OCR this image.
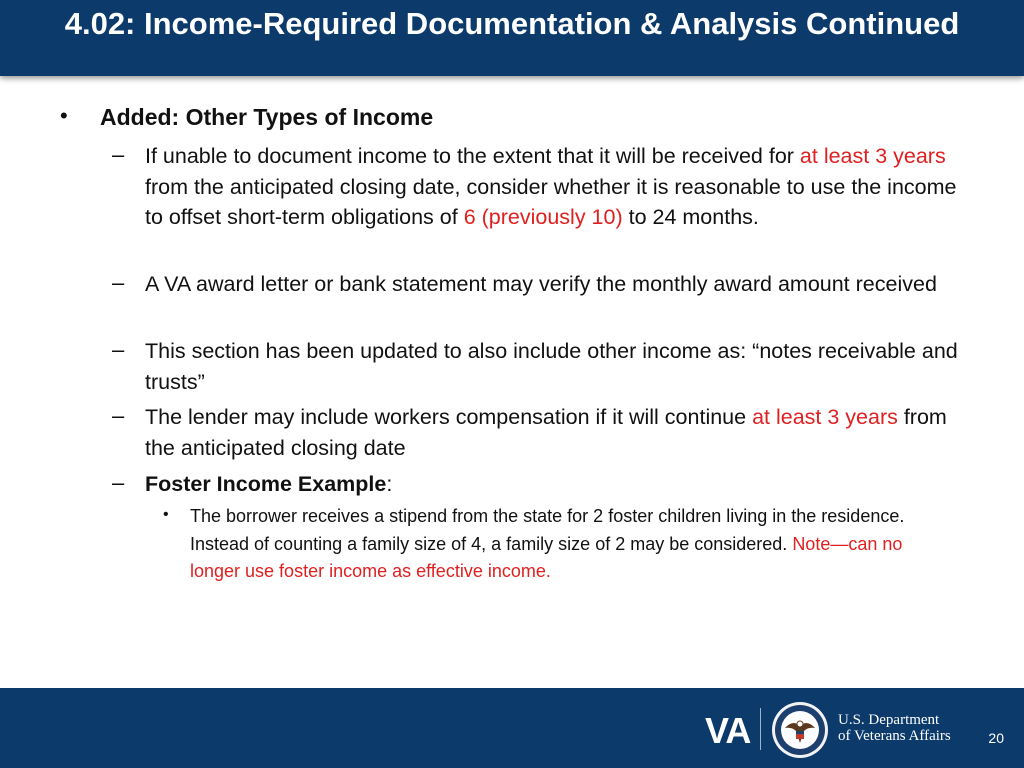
4.02: Income-Required Documentation & Analysis Continued
• Added: Other Types of Income
– If unable to document income to the extent that it will be received for at least 3 years from the anticipated closing date, consider whether it is reasonable to use the income to offset short-term obligations of 6 (previously 10) to 24 months.
– A VA award letter or bank statement may verify the monthly award amount received
– This section has been updated to also include other income as: “notes receivable and trusts”
– The lender may include workers compensation if it will continue at least 3 years from the anticipated closing date
– Foster Income Example:
• The borrower receives a stipend from the state for 2 foster children living in the residence. Instead of counting a family size of 4, a family size of 2 may be considered. Note—can no longer use foster income as effective income.
VA	U.S. Department
of Veterans Affairs	20
